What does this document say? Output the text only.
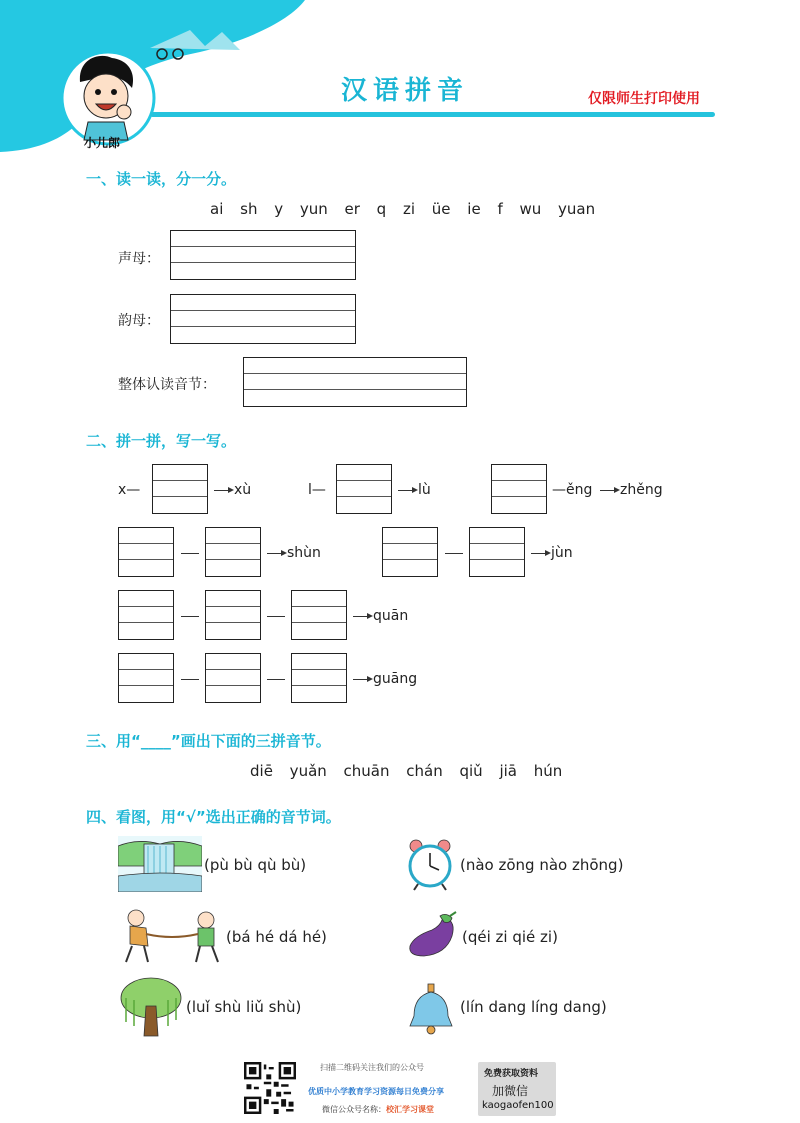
汉语拼音	仅限师生打印使用
小儿郎
一、读一读，分一分。
ai sh y yun er q zi üe ie f wu yuan
声母：
韵母：
整体认读音节：
二、拼一拼，写一写。
x—	xù	l—	lù	—ěng zhěng
shùn	jùn
quān
guāng
三、用“____”画出下面的三拼音节。
diē yuǎn chuān chán qiǔ jiā hún
四、看图，用“√”选出正确的音节词。
(pù bù qù bù)	(nào zōng nào zhōng)
(bá hé dá hé)	(qéi zi qié zi)
(luǐ shù liǔ shù)	(lín dang líng dang)
扫描二维码关注我们的公众号
优质中小学教育学习资源每日免费分享
微信公众号名称：校汇学习课堂
免费获取资料
加微信
kaogaofen100
